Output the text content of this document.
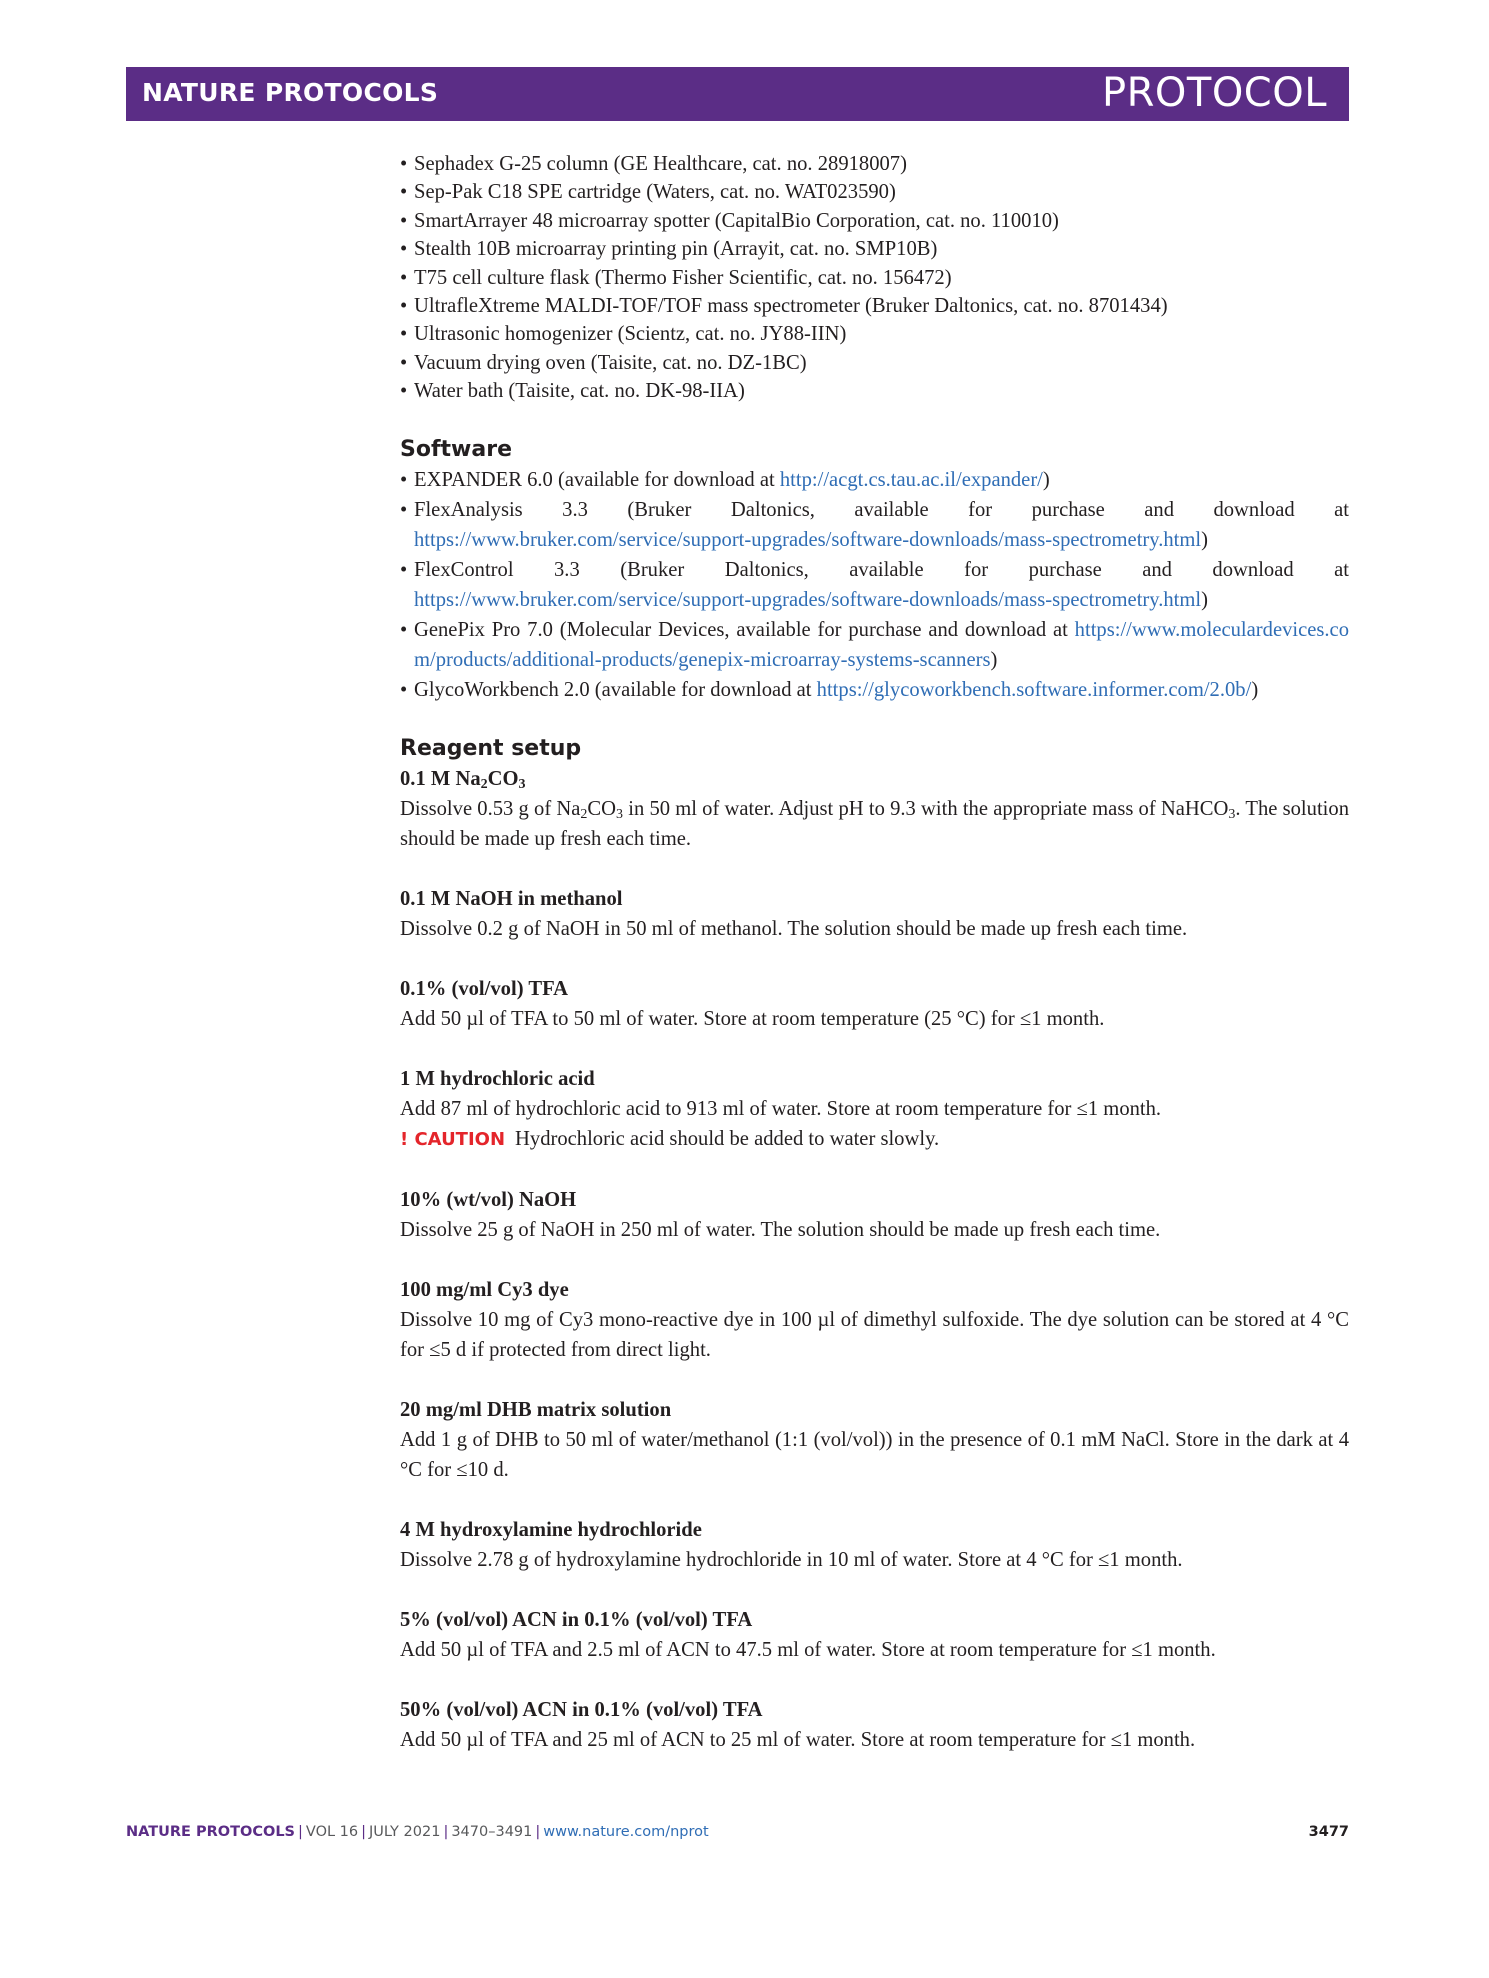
NATURE PROTOCOLS	PROTOCOL
• Sephadex G-25 column (GE Healthcare, cat. no. 28918007)
• Sep-Pak C18 SPE cartridge (Waters, cat. no. WAT023590)
• SmartArrayer 48 microarray spotter (CapitalBio Corporation, cat. no. 110010)
• Stealth 10B microarray printing pin (Arrayit, cat. no. SMP10B)
• T75 cell culture flask (Thermo Fisher Scientific, cat. no. 156472)
• UltrafleXtreme MALDI-TOF/TOF mass spectrometer (Bruker Daltonics, cat. no. 8701434)
• Ultrasonic homogenizer (Scientz, cat. no. JY88-IIN)
• Vacuum drying oven (Taisite, cat. no. DZ-1BC)
• Water bath (Taisite, cat. no. DK-98-IIA)
Software
• EXPANDER 6.0 (available for download at http://acgt.cs.tau.ac.il/expander/)
• FlexAnalysis 3.3 (Bruker Daltonics, available for purchase and download at https://www.bruker.com/service/support-upgrades/software-downloads/mass-spectrometry.html)
• FlexControl 3.3 (Bruker Daltonics, available for purchase and download at https://www.bruker.com/service/support-upgrades/software-downloads/mass-spectrometry.html)
• GenePix Pro 7.0 (Molecular Devices, available for purchase and download at https://www.moleculardevices.com/products/additional-products/genepix-microarray-systems-scanners)
• GlycoWorkbench 2.0 (available for download at https://glycoworkbench.software.informer.com/2.0b/)
Reagent setup

0.1 M $Na_2CO_3$

Dissolve 0.53 g of $Na_2CO_3$ in 50 ml of water. Adjust pH to 9.3 with the appropriate mass of NaHCO$_3$. The solution should be made up fresh each time.

0.1 M NaOH in methanol

Dissolve 0.2 g of NaOH in 50 ml of methanol. The solution should be made up fresh each time.

0.1% (vol/vol) TFA

Add 50 µl of TFA to 50 ml of water. Store at room temperature (25 °C) for ≤1 month.

1 M hydrochloric acid

Add 87 ml of hydrochloric acid to 913 ml of water. Store at room temperature for ≤1 month.
! CAUTION Hydrochloric acid should be added to water slowly.

10% (wt/vol) NaOH

Dissolve 25 g of NaOH in 250 ml of water. The solution should be made up fresh each time.

100 mg/ml Cy3 dye

Dissolve 10 mg of Cy3 mono-reactive dye in 100 µl of dimethyl sulfoxide. The dye solution can be stored at 4 °C for ≤5 d if protected from direct light.

20 mg/ml DHB matrix solution

Add 1 g of DHB to 50 ml of water/methanol (1:1 (vol/vol)) in the presence of 0.1 mM NaCl. Store in the dark at 4 °C for ≤10 d.

4 M hydroxylamine hydrochloride

Dissolve 2.78 g of hydroxylamine hydrochloride in 10 ml of water. Store at 4 °C for ≤1 month.

5% (vol/vol) ACN in 0.1% (vol/vol) TFA

Add 50 µl of TFA and 2.5 ml of ACN to 47.5 ml of water. Store at room temperature for ≤1 month.

50% (vol/vol) ACN in 0.1% (vol/vol) TFA

Add 50 µl of TFA and 25 ml of ACN to 25 ml of water. Store at room temperature for ≤1 month.

NATURE PROTOCOLS | VOL 16 | JULY 2021 | 3470–3491 | www.nature.com/nprot	3477
